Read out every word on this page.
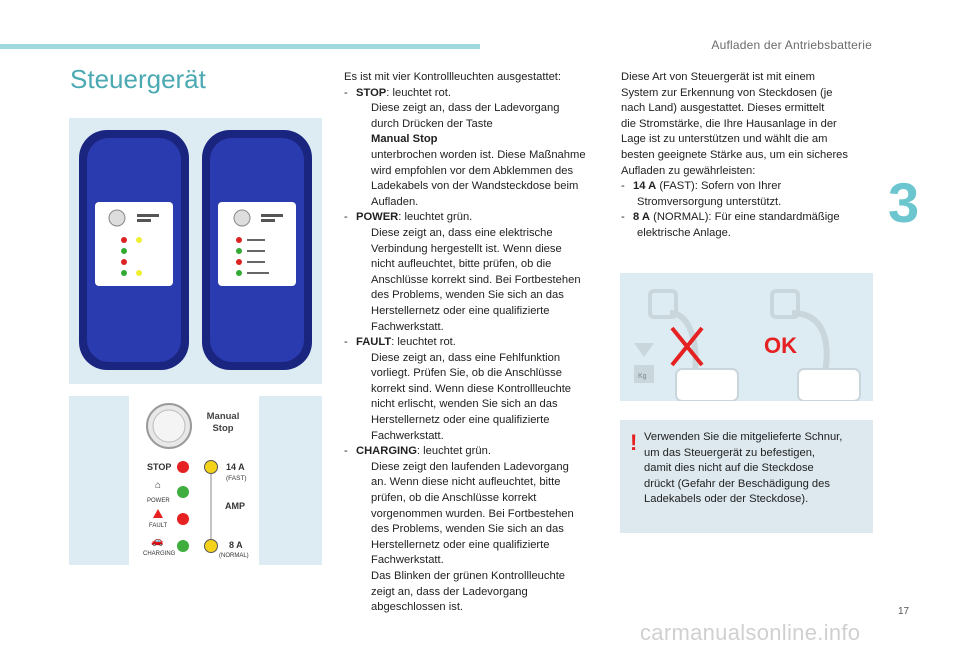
Aufladen der Antriebsbatterie
3
Steuergerät
Manual
Stop
STOP	14 A
(FAST)
⌂
POWER	AMP
FAULT
🚗
CHARGING
8 A
(NORMAL)

Es ist mit vier Kontrollleuchten ausgestattet:

- STOP: leuchtet rot.
Diese zeigt an, dass der Ladevorgang
durch Drücken der Taste
Manual Stop
unterbrochen worden ist. Diese Maßnahme
wird empfohlen vor dem Abklemmen des
Ladekabels von der Wandsteckdose beim
Aufladen.
- POWER: leuchtet grün.
Diese zeigt an, dass eine elektrische
Verbindung hergestellt ist. Wenn diese
nicht aufleuchtet, bitte prüfen, ob die
Anschlüsse korrekt sind. Bei Fortbestehen
des Problems, wenden Sie sich an das
Herstellernetz oder eine qualifizierte
Fachwerkstatt.
- FAULT: leuchtet rot.
Diese zeigt an, dass eine Fehlfunktion
vorliegt. Prüfen Sie, ob die Anschlüsse
korrekt sind. Wenn diese Kontrollleuchte
nicht erlischt, wenden Sie sich an das
Herstellernetz oder eine qualifizierte
Fachwerkstatt.
- CHARGING: leuchtet grün.
Diese zeigt den laufenden Ladevorgang
an. Wenn diese nicht aufleuchtet, bitte
prüfen, ob die Anschlüsse korrekt
vorgenommen wurden. Bei Fortbestehen
des Problems, wenden Sie sich an das
Herstellernetz oder eine qualifizierte
Fachwerkstatt.
Das Blinken der grünen Kontrollleuchte
zeigt an, dass der Ladevorgang
abgeschlossen ist.

Diese Art von Steuergerät ist mit einem
System zur Erkennung von Steckdosen (je
nach Land) ausgestattet. Dieses ermittelt
die Stromstärke, die Ihre Hausanlage in der
Lage ist zu unterstützen und wählt die am
besten geeignete Stärke aus, um ein sicheres
Aufladen zu gewährleisten:

- 14 A (FAST): Sofern von Ihrer
Stromversorgung unterstützt.
- 8 A (NORMAL): Für eine standardmäßige
elektrische Anlage.
Kg
OK
! Verwenden Sie die mitgelieferte Schnur,
um das Steuergerät zu befestigen,
damit dies nicht auf die Steckdose
drückt (Gefahr der Beschädigung des
Ladekabels oder der Steckdose).
17
carmanualsonline.info
